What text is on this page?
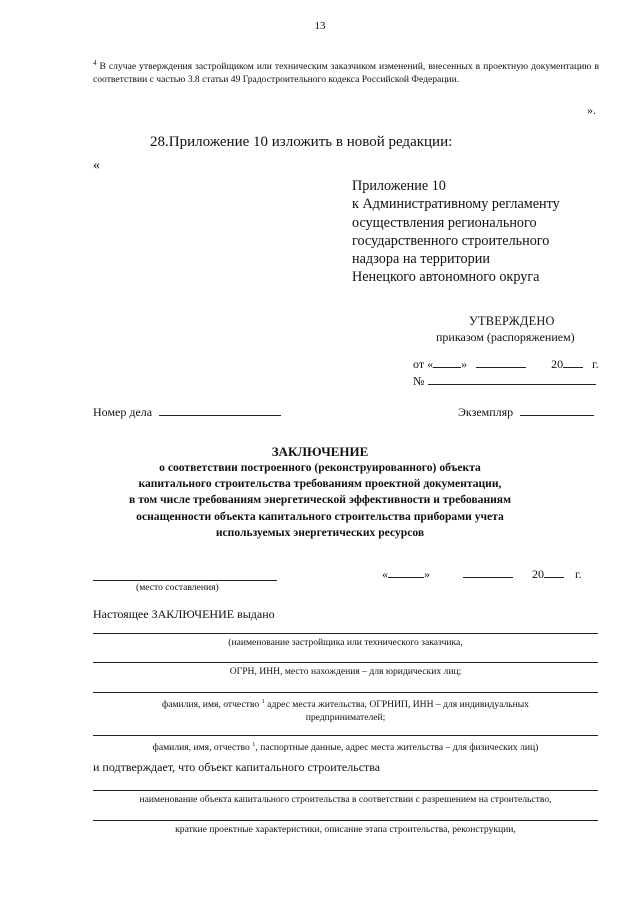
13
$^4$ В случае утверждения застройщиком или техническим заказчиком изменений, внесенных в проектную документацию в соответствии с частью 3.8 статьи 49 Градостроительного кодекса Российской Федерации.
».
28.Приложение 10 изложить в новой редакции:
«
Приложение 10
к Административному регламенту
осуществления регионального
государственного строительного
надзора на территории
Ненецкого автономного округа
УТВЕРЖДЕНО
приказом (распоряжением)
от « »	20 г.
№
Номер дела	Экземпляр
ЗАКЛЮЧЕНИЕ
о соответствии построенного (реконструированного) объекта
капитального строительства требованиям проектной документации,
в том числе требованиям энергетической эффективности и требованиям
оснащенности объекта капитального строительства приборами учета
используемых энергетических ресурсов
(место составления)
«	»	20	г.
Настоящее ЗАКЛЮЧЕНИЕ выдано
(наименование застройщика или технического заказчика,
ОГРН, ИНН, место нахождения – для юридических лиц;
фамилия, имя, отчество $^1$ адрес места жительства, ОГРНИП, ИНН – для индивидуальных
предпринимателей;
фамилия, имя, отчество $^1$, паспортные данные, адрес места жительства – для физических лиц)
и подтверждает, что объект капитального строительства
наименование объекта капитального строительства в соответствии с разрешением на строительство,
краткие проектные характеристики, описание этапа строительства, реконструкции,
